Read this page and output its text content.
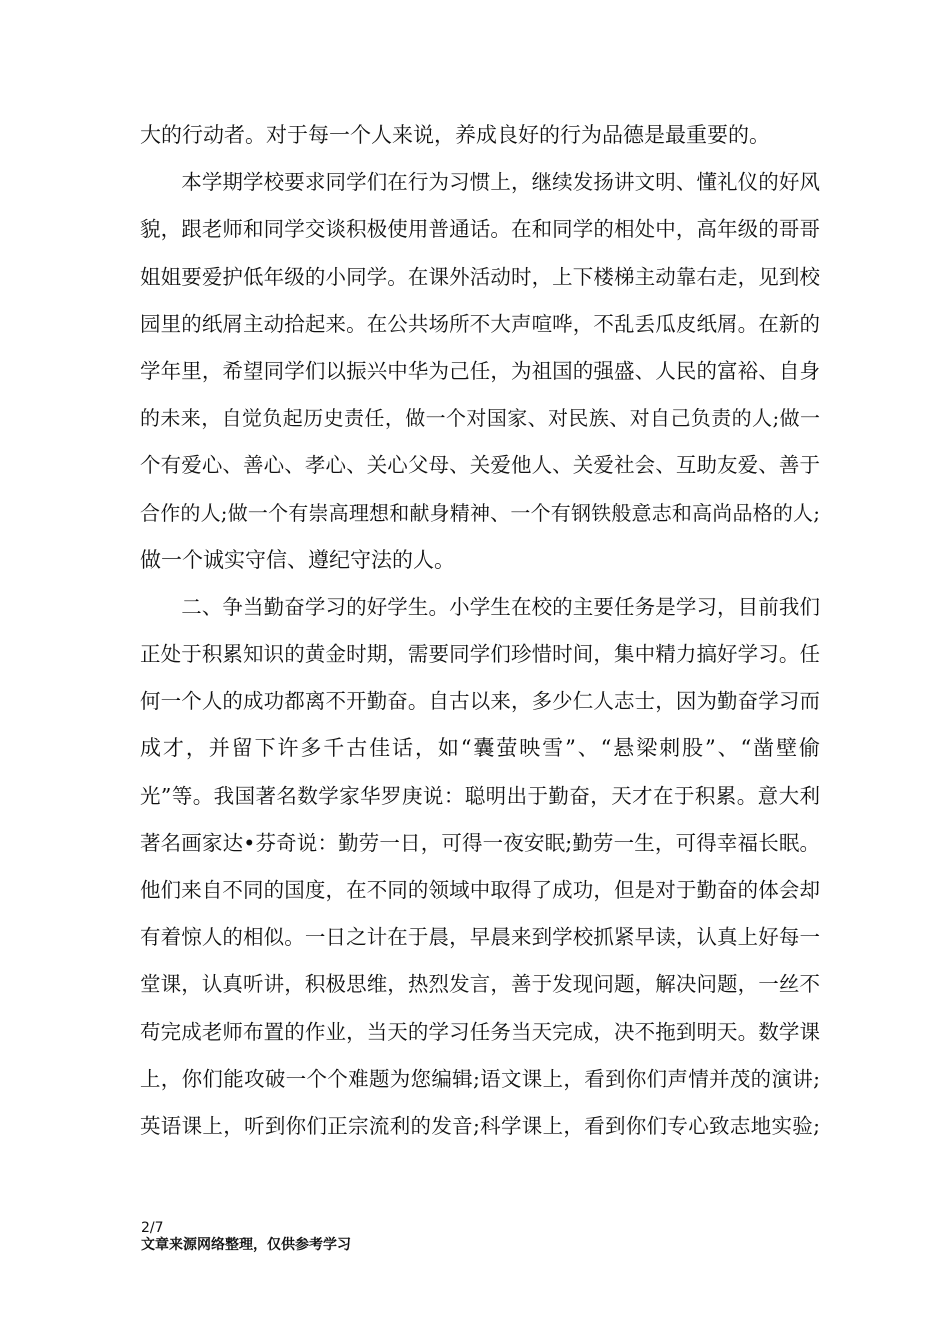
大的行动者。对于每一个人来说，养成良好的行为品德是最重要的。
　　本学期学校要求同学们在行为习惯上，继续发扬讲文明、懂礼仪的好风
貌，跟老师和同学交谈积极使用普通话。在和同学的相处中，高年级的哥哥
姐姐要爱护低年级的小同学。在课外活动时，上下楼梯主动靠右走，见到校
园里的纸屑主动拾起来。在公共场所不大声喧哗，不乱丢瓜皮纸屑。在新的
学年里，希望同学们以振兴中华为己任，为祖国的强盛、人民的富裕、自身
的未来，自觉负起历史责任，做一个对国家、对民族、对自己负责的人;做一
个有爱心、善心、孝心、关心父母、关爱他人、关爱社会、互助友爱、善于
合作的人;做一个有崇高理想和献身精神、一个有钢铁般意志和高尚品格的人;
做一个诚实守信、遵纪守法的人。
　　二、争当勤奋学习的好学生。小学生在校的主要任务是学习，目前我们
正处于积累知识的黄金时期，需要同学们珍惜时间，集中精力搞好学习。任
何一个人的成功都离不开勤奋。自古以来，多少仁人志士，因为勤奋学习而
成才，并留下许多千古佳话，如“囊萤映雪”、“悬梁刺股”、“凿壁偷
光”等。我国著名数学家华罗庚说：聪明出于勤奋，天才在于积累。意大利
著名画家达•芬奇说：勤劳一日，可得一夜安眠;勤劳一生，可得幸福长眠。
他们来自不同的国度，在不同的领域中取得了成功，但是对于勤奋的体会却
有着惊人的相似。一日之计在于晨，早晨来到学校抓紧早读，认真上好每一
堂课，认真听讲，积极思维，热烈发言，善于发现问题，解决问题，一丝不
苟完成老师布置的作业，当天的学习任务当天完成，决不拖到明天。数学课
上，你们能攻破一个个难题为您编辑;语文课上，看到你们声情并茂的演讲;
英语课上，听到你们正宗流利的发音;科学课上，看到你们专心致志地实验;
2/7
文章来源网络整理，仅供参考学习
